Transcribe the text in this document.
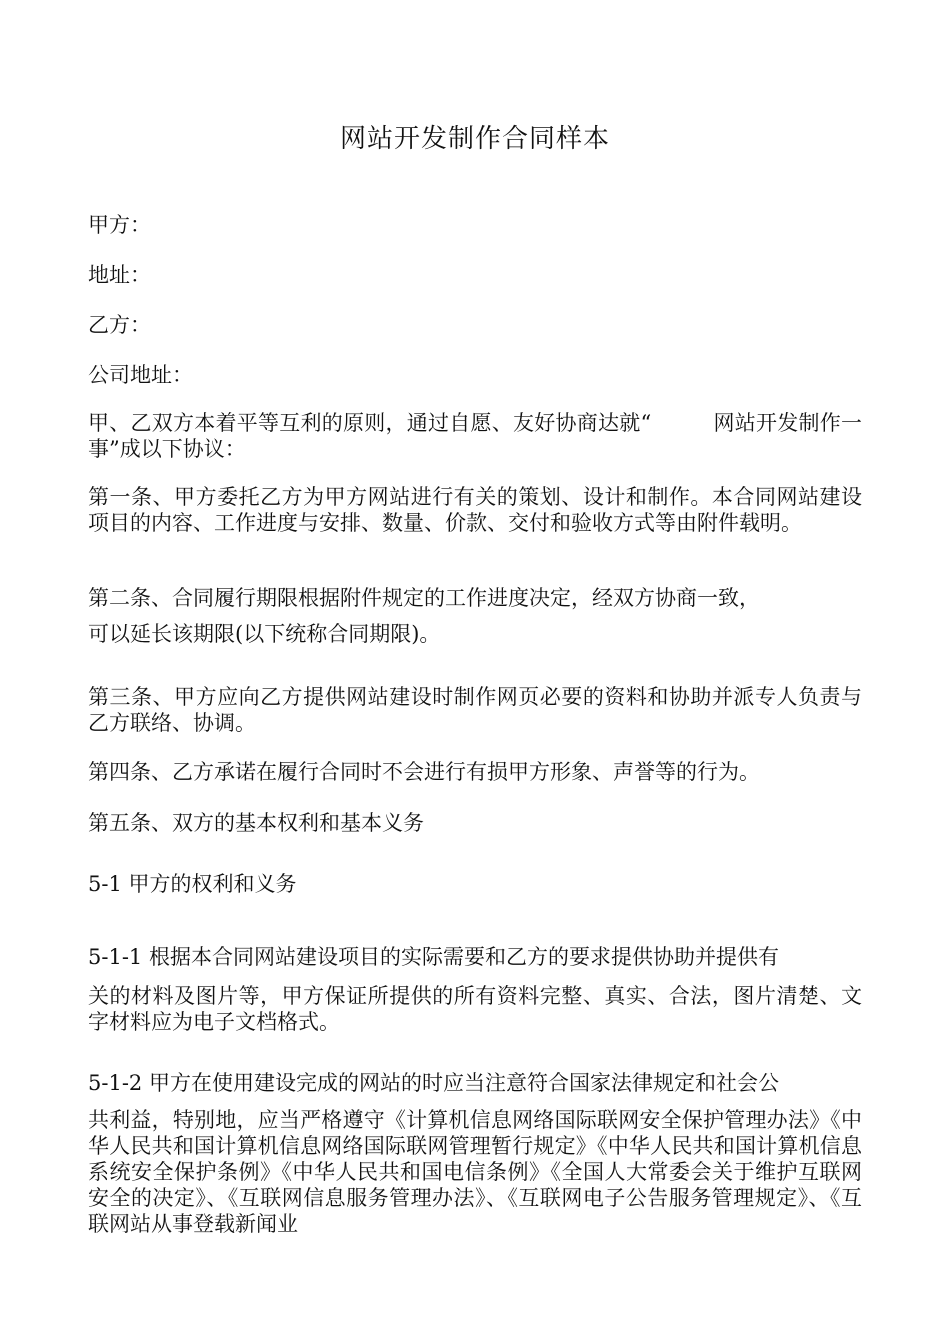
网站开发制作合同样本

甲方：

地址：

乙方：

公司地址：

甲、乙双方本着平等互利的原则，通过自愿、友好协商达就“	网站开发制作一事”成以下协议：

第一条、甲方委托乙方为甲方网站进行有关的策划、设计和制作。本合同网站建设项目的内容、工作进度与安排、数量、价款、交付和验收方式等由附件载明。

第二条、合同履行期限根据附件规定的工作进度决定，经双方协商一致，

可以延长该期限(以下统称合同期限)。

第三条、甲方应向乙方提供网站建设时制作网页必要的资料和协助并派专人负责与乙方联络、协调。

第四条、乙方承诺在履行合同时不会进行有损甲方形象、声誉等的行为。

第五条、双方的基本权利和基本义务

5-1 甲方的权利和义务

5-1-1 根据本合同网站建设项目的实际需要和乙方的要求提供协助并提供有

关的材料及图片等，甲方保证所提供的所有资料完整、真实、合法，图片清楚、文字材料应为电子文档格式。

5-1-2 甲方在使用建设完成的网站的时应当注意符合国家法律规定和社会公

共利益，特别地，应当严格遵守《计算机信息网络国际联网安全保护管理办法》《中华人民共和国计算机信息网络国际联网管理暂行规定》《中华人民共和国计算机信息系统安全保护条例》《中华人民共和国电信条例》《全国人大常委会关于维护互联网安全的决定》、《互联网信息服务管理办法》、《互联网电子公告服务管理规定》、《互联网站从事登载新闻业
